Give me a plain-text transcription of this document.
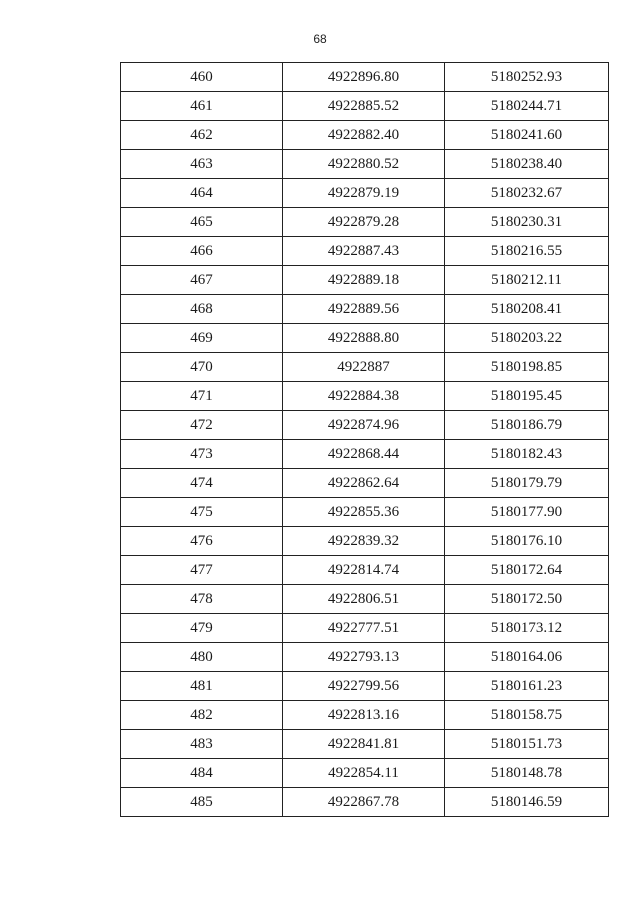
68
460	4922896.80	5180252.93
461	4922885.52	5180244.71
462	4922882.40	5180241.60
463	4922880.52	5180238.40
464	4922879.19	5180232.67
465	4922879.28	5180230.31
466	4922887.43	5180216.55
467	4922889.18	5180212.11
468	4922889.56	5180208.41
469	4922888.80	5180203.22
470	4922887	5180198.85
471	4922884.38	5180195.45
472	4922874.96	5180186.79
473	4922868.44	5180182.43
474	4922862.64	5180179.79
475	4922855.36	5180177.90
476	4922839.32	5180176.10
477	4922814.74	5180172.64
478	4922806.51	5180172.50
479	4922777.51	5180173.12
480	4922793.13	5180164.06
481	4922799.56	5180161.23
482	4922813.16	5180158.75
483	4922841.81	5180151.73
484	4922854.11	5180148.78
485	4922867.78	5180146.59
